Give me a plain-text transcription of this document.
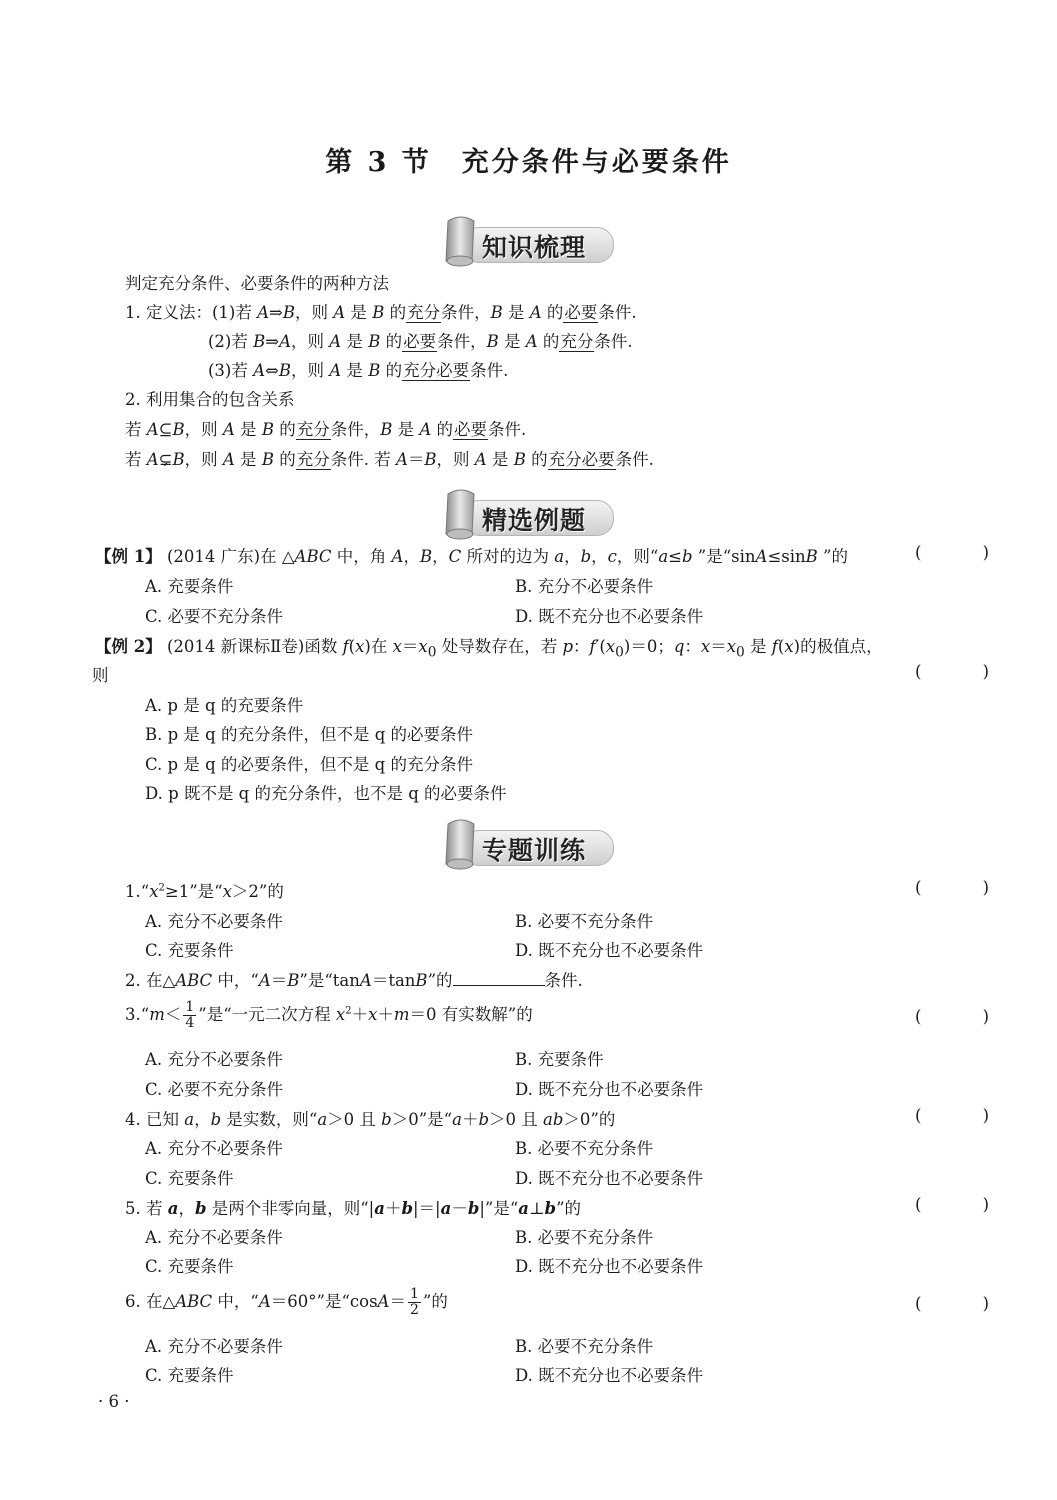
第 3 节　充分条件与必要条件
知识梳理
判定充分条件、必要条件的两种方法
1. 定义法：(1)若 A⇒B，则 A 是 B 的充分条件，B 是 A 的必要条件.
(2)若 B⇒A，则 A 是 B 的必要条件，B 是 A 的充分条件.
(3)若 A⇔B，则 A 是 B 的充分必要条件.
2. 利用集合的包含关系
若 A⊆B，则 A 是 B 的充分条件，B 是 A 的必要条件.
若 A⊊B，则 A 是 B 的充分条件. 若 A＝B，则 A 是 B 的充分必要条件.
精选例题
【例 1】 (2014 广东)在 △ABC 中，角 A，B，C 所对的边为 a，b，c，则“a≤b ”是“sinA≤sinB ”的	( )
A. 充要条件	B. 充分不必要条件
C. 必要不充分条件	D. 既不充分也不必要条件
【例 2】 (2014 新课标Ⅱ卷)函数 f(x)在 $x=x_0$ 处导数存在，若 p：$f'(x_0)=0$；q：$x=x_0$ 是 f(x)的极值点，
则	( )
A. p 是 q 的充要条件
B. p 是 q 的充分条件，但不是 q 的必要条件
C. p 是 q 的必要条件，但不是 q 的充分条件
D. p 既不是 q 的充分条件，也不是 q 的必要条件
专题训练
$1.“x^2\ge 1$”是“x＞2”的	( )
A. 充分不必要条件	B. 必要不充分条件
C. 充要条件	D. 既不充分也不必要条件
2. 在△ABC 中，“A＝B”是“tanA＝tanB”的	条件.
3.“m＜ $\frac{1}{4}$ ”是“一元二次方程 $x^2+x+m=0$ 有实数解”的	( )
A. 充分不必要条件	B. 充要条件
C. 必要不充分条件	D. 既不充分也不必要条件
4. 已知 a，b 是实数，则“a＞0 且 b＞0”是“a＋b＞0 且 ab＞0”的	( )
A. 充分不必要条件	B. 必要不充分条件
C. 充要条件	D. 既不充分也不必要条件
5. 若 a，b 是两个非零向量，则“|a＋b|＝|a－b|”是“a⊥b”的	( )
A. 充分不必要条件	B. 必要不充分条件
C. 充要条件	D. 既不充分也不必要条件
6. 在△ABC 中，“A＝60°”是“$\cos A= \frac{1}{2}$ ”的	( )
A. 充分不必要条件	B. 必要不充分条件
C. 充要条件	D. 既不充分也不必要条件
· 6 ·
